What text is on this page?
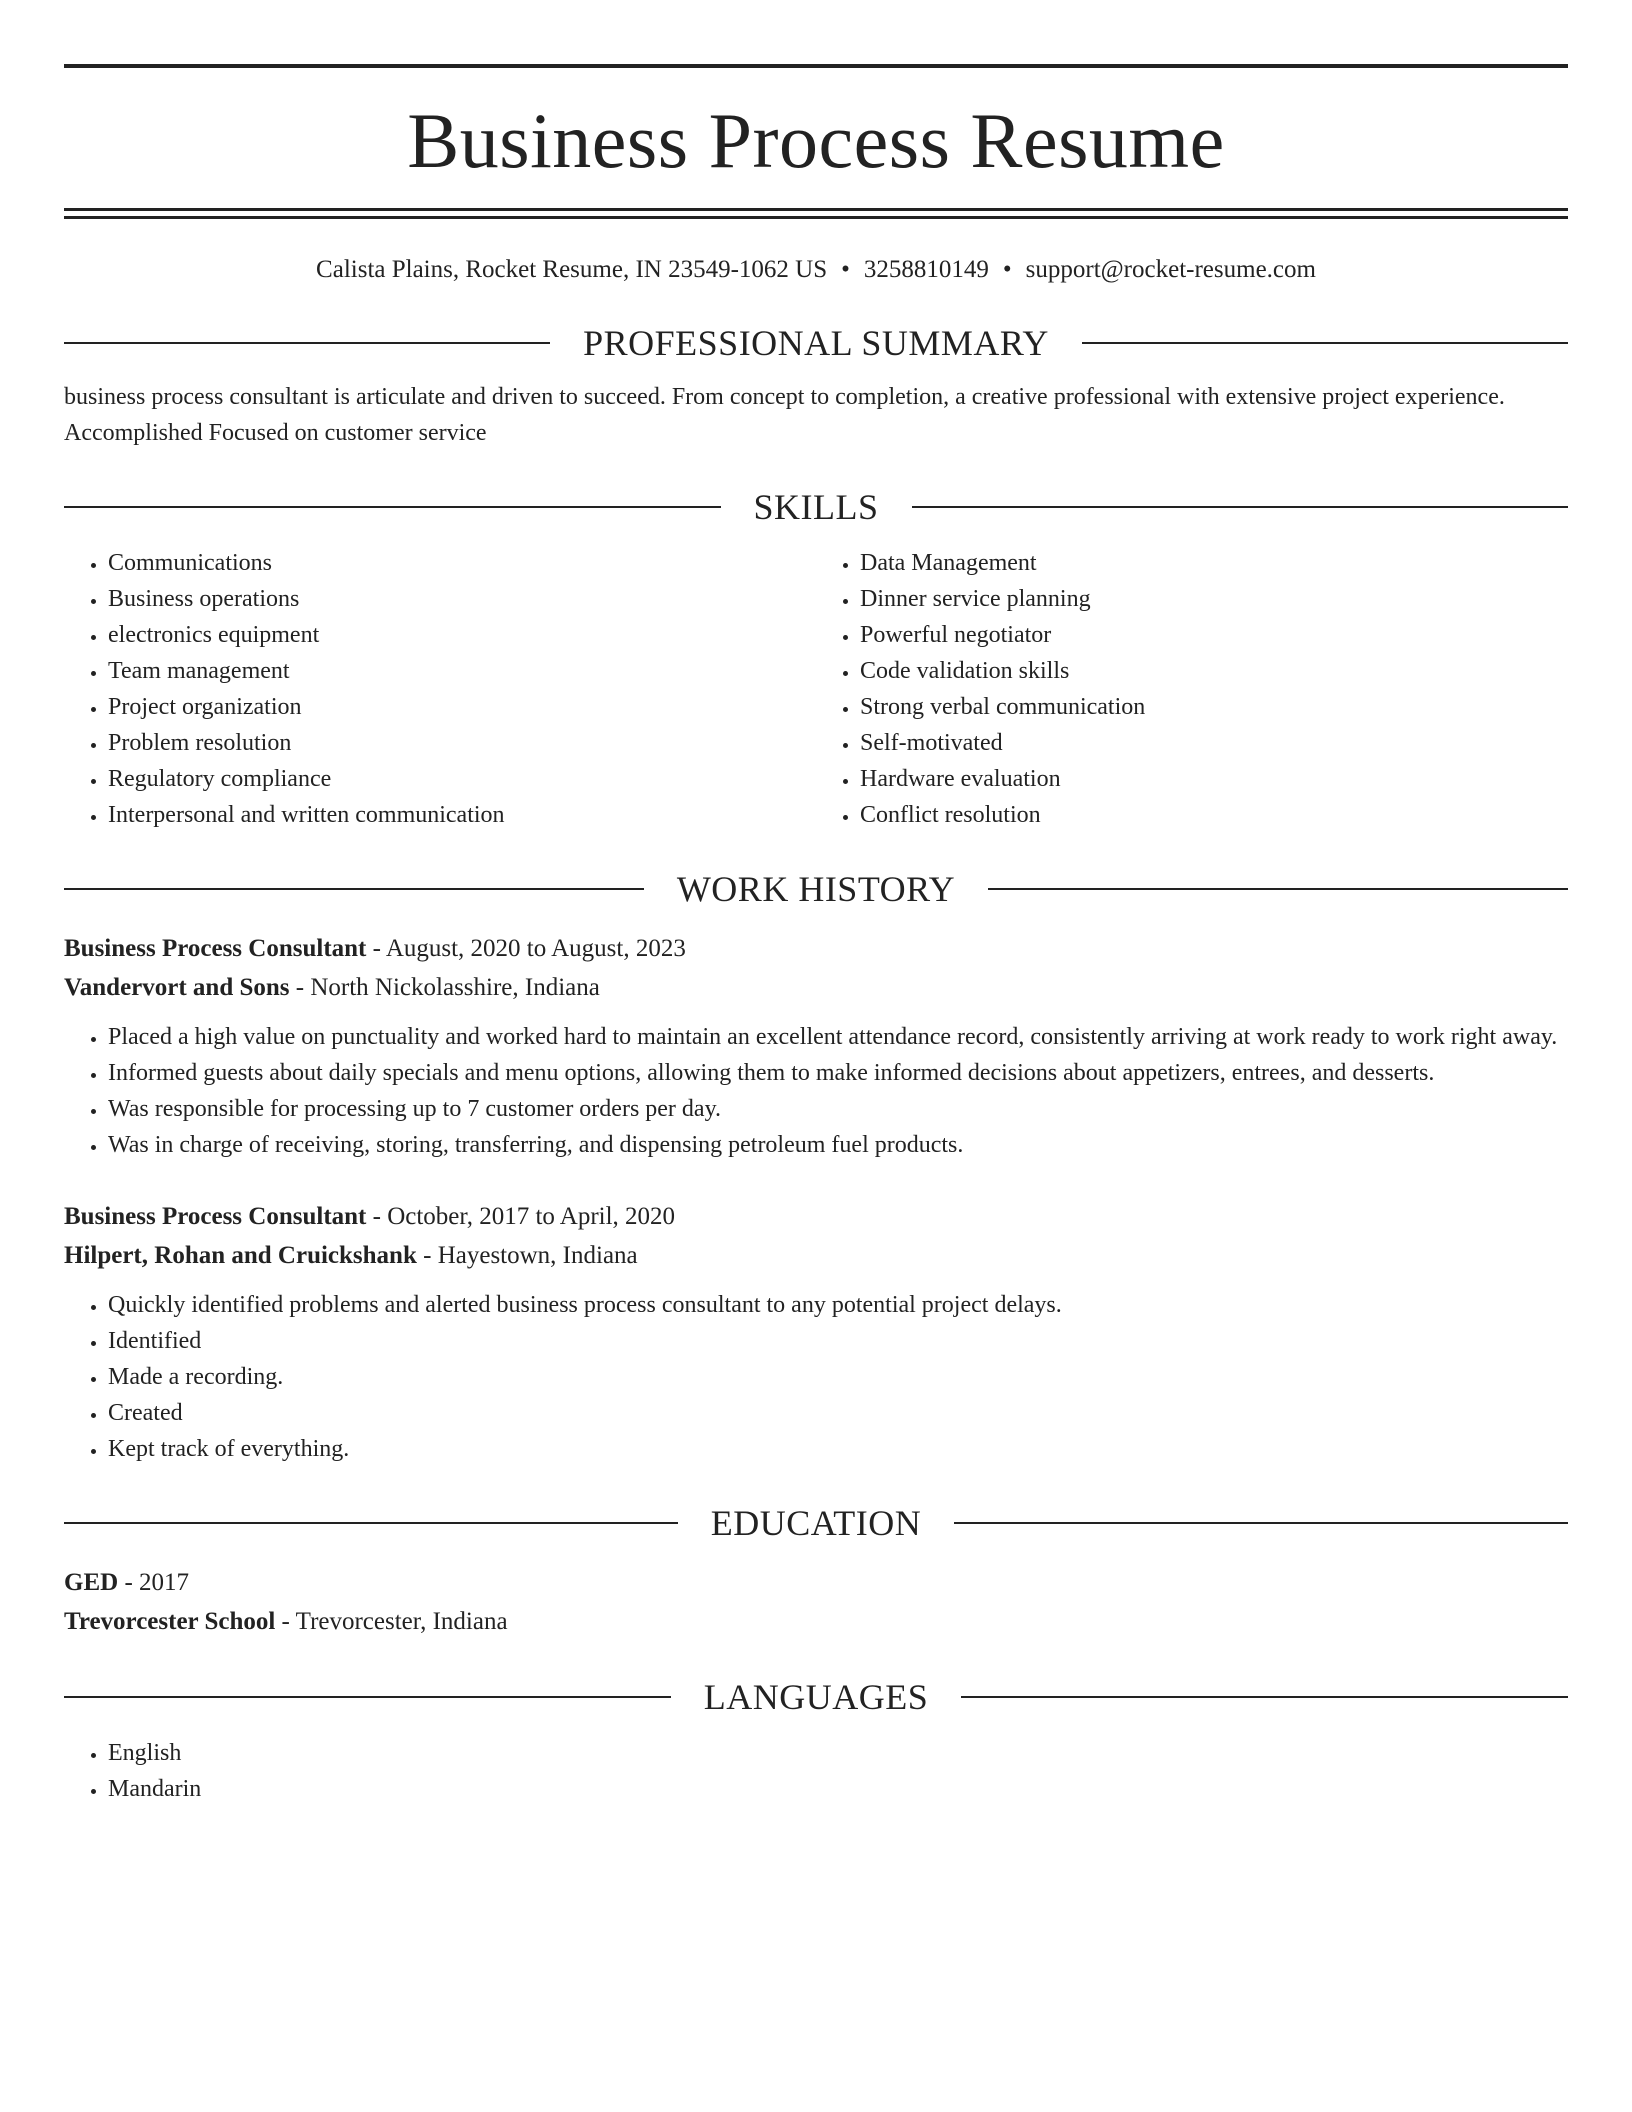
Business Process Resume
Calista Plains, Rocket Resume, IN 23549-1062 US • 3258810149 • support@rocket-resume.com
PROFESSIONAL SUMMARY
business process consultant is articulate and driven to succeed. From concept to completion, a creative professional with extensive project experience. Accomplished Focused on customer service
SKILLS
• Communications
• Business operations
• electronics equipment
• Team management
• Project organization
• Problem resolution
• Regulatory compliance
• Interpersonal and written communication
• Data Management
• Dinner service planning
• Powerful negotiator
• Code validation skills
• Strong verbal communication
• Self-motivated
• Hardware evaluation
• Conflict resolution
WORK HISTORY
Business Process Consultant - August, 2020 to August, 2023
Vandervort and Sons - North Nickolasshire, Indiana
• Placed a high value on punctuality and worked hard to maintain an excellent attendance record, consistently arriving at work ready to work right away.
• Informed guests about daily specials and menu options, allowing them to make informed decisions about appetizers, entrees, and desserts.
• Was responsible for processing up to 7 customer orders per day.
• Was in charge of receiving, storing, transferring, and dispensing petroleum fuel products.
Business Process Consultant - October, 2017 to April, 2020
Hilpert, Rohan and Cruickshank - Hayestown, Indiana
• Quickly identified problems and alerted business process consultant to any potential project delays.
• Identified
• Made a recording.
• Created
• Kept track of everything.
EDUCATION
GED - 2017
Trevorcester School - Trevorcester, Indiana
LANGUAGES
• English
• Mandarin
